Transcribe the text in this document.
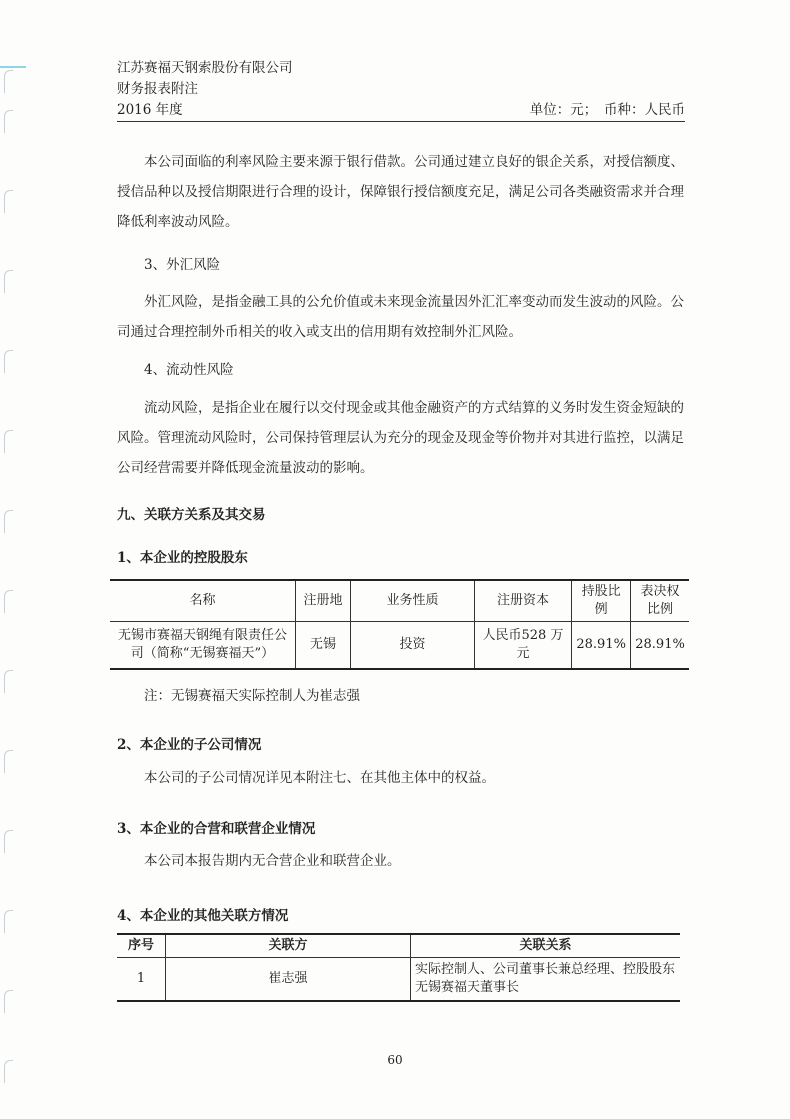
江苏赛福天钢索股份有限公司
财务报表附注
2016 年度	单位：元；　币种：人民币
本公司面临的利率风险主要来源于银行借款。公司通过建立良好的银企关系，对授信额度、授信品种以及授信期限进行合理的设计，保障银行授信额度充足，满足公司各类融资需求并合理降低利率波动风险。
3、外汇风险
外汇风险，是指金融工具的公允价值或未来现金流量因外汇汇率变动而发生波动的风险。公司通过合理控制外币相关的收入或支出的信用期有效控制外汇风险。
4、流动性风险
流动风险，是指企业在履行以交付现金或其他金融资产的方式结算的义务时发生资金短缺的风险。管理流动风险时，公司保持管理层认为充分的现金及现金等价物并对其进行监控，以满足公司经营需要并降低现金流量波动的影响。
九、关联方关系及其交易
1、本企业的控股股东
名称	注册地	业务性质	注册资本	持股比例	表决权比例
无锡市赛福天钢绳有限责任公司（简称“无锡赛福天”）	无锡	投资	人民币528 万元	28.91%	28.91%
注：无锡赛福天实际控制人为崔志强
2、本企业的子公司情况
本公司的子公司情况详见本附注七、在其他主体中的权益。
3、本企业的合营和联营企业情况
本公司本报告期内无合营企业和联营企业。
4、本企业的其他关联方情况
序号	关联方	关联关系
1	崔志强	实际控制人、公司董事长兼总经理、控股股东无锡赛福天董事长
60
